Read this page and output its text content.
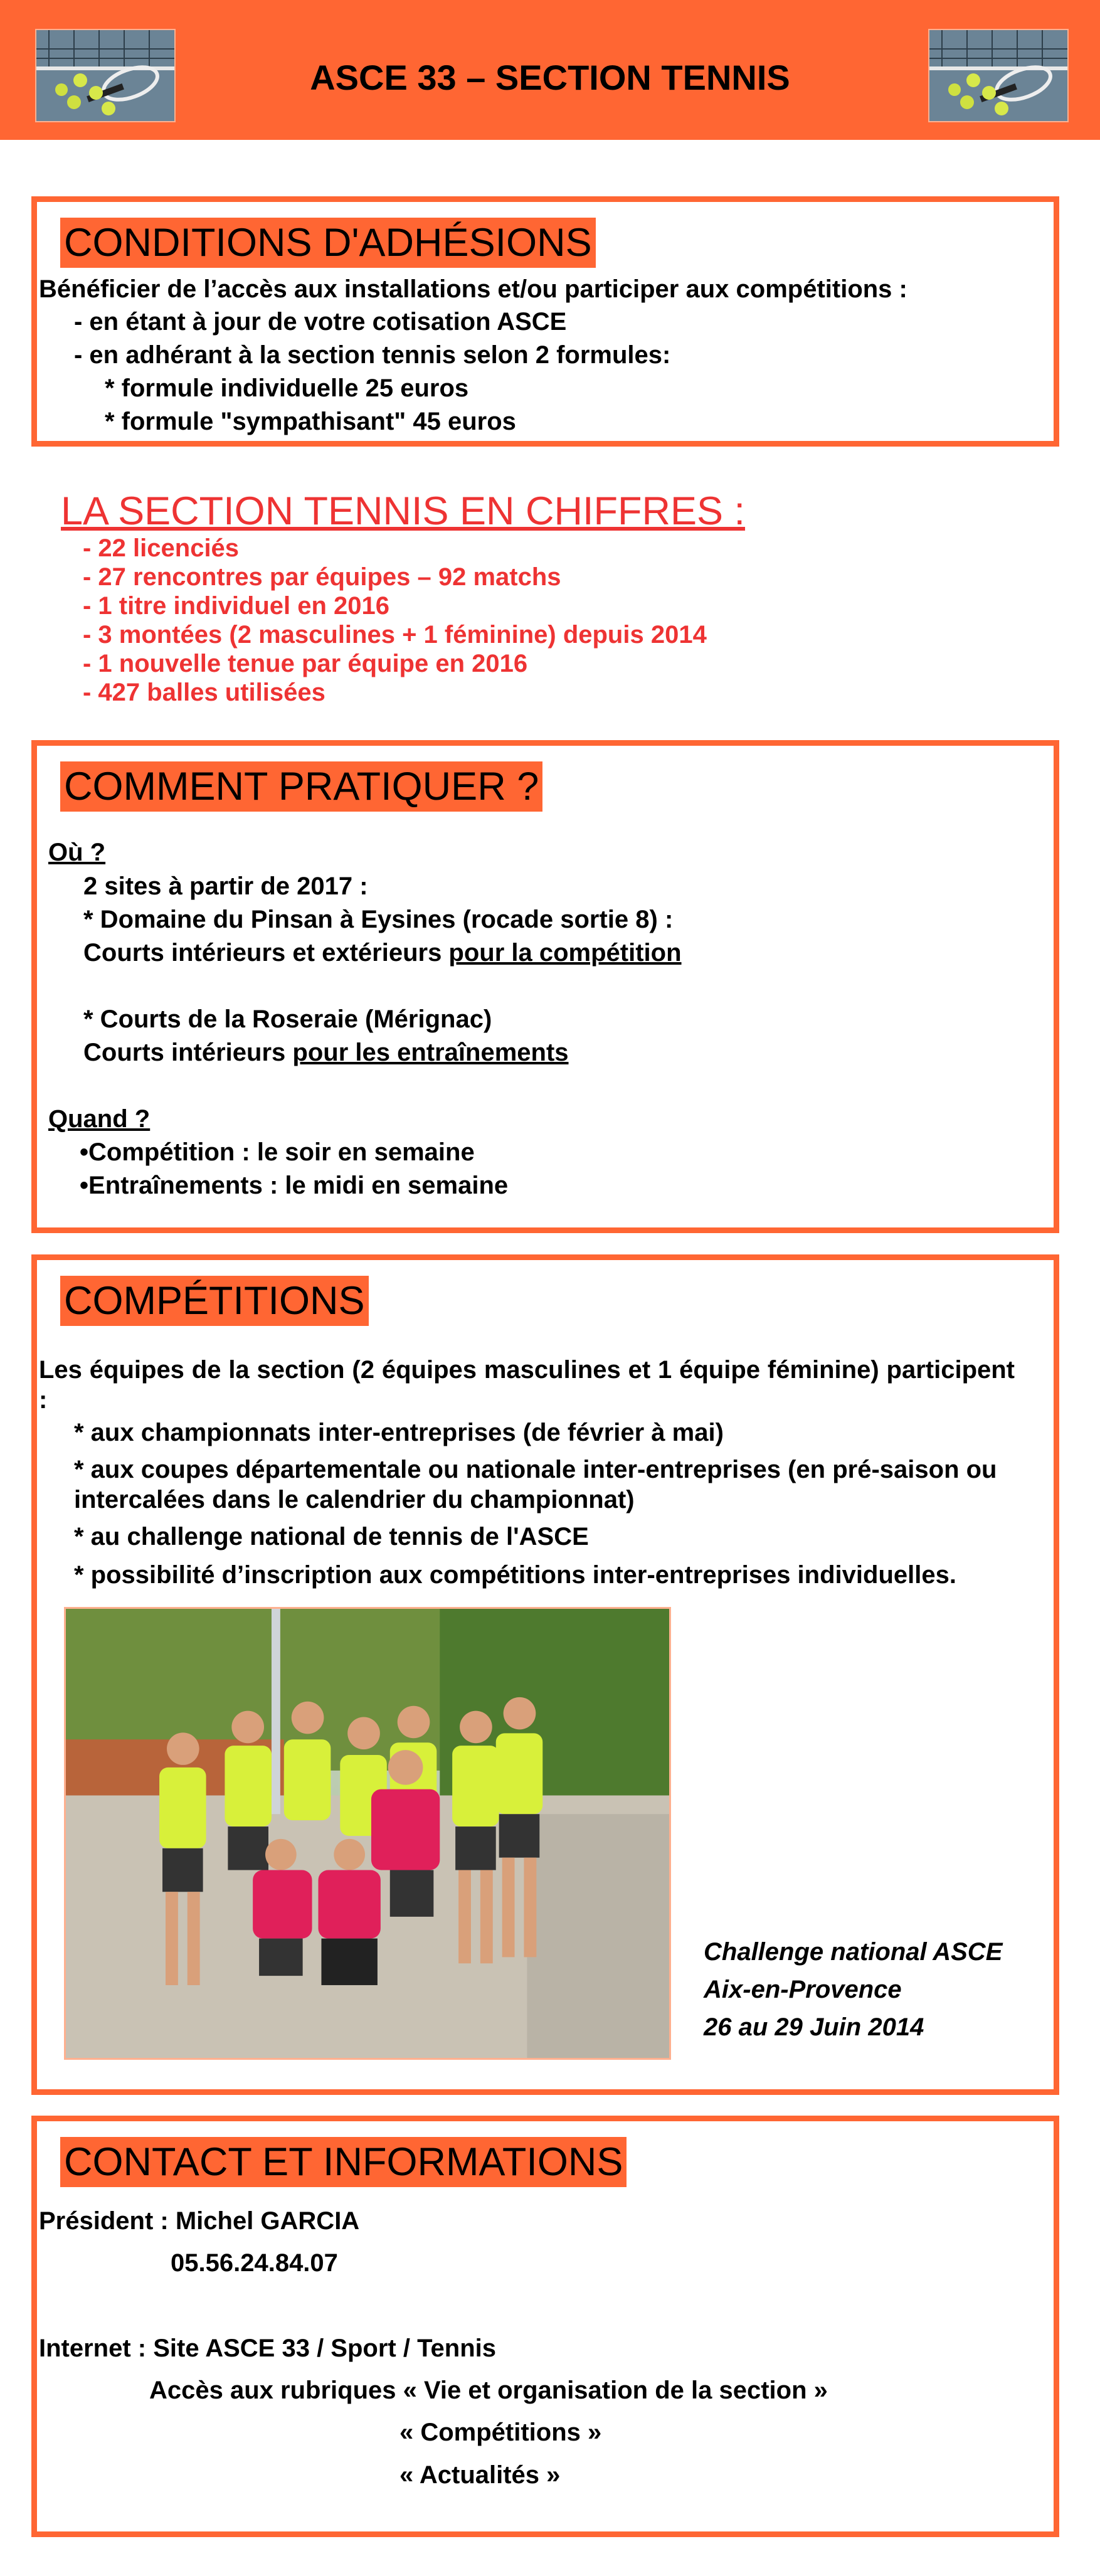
ASCE 33 – SECTION TENNIS
CONDITIONS D'ADHÉSIONS
Bénéficier de l’accès aux installations et/ou participer aux compétitions :
- en étant à jour de votre cotisation ASCE
- en adhérant à la section tennis selon 2 formules:
* formule individuelle 25 euros
* formule "sympathisant" 45 euros
LA SECTION TENNIS EN CHIFFRES :
- 22 licenciés
- 27 rencontres par équipes – 92 matchs
- 1 titre individuel en 2016
- 3 montées (2 masculines + 1 féminine) depuis 2014
- 1 nouvelle tenue par équipe en 2016
- 427 balles utilisées
COMMENT PRATIQUER ?
Où ?
2 sites à partir de 2017 :
* Domaine du Pinsan à Eysines (rocade sortie 8) :
Courts intérieurs et extérieurs pour la compétition
* Courts de la Roseraie (Mérignac)
Courts intérieurs pour les entraînements
Quand ?
•Compétition : le soir en semaine
•Entraînements : le midi en semaine
COMPÉTITIONS
Les équipes de la section (2 équipes masculines et 1 équipe féminine) participent :
* aux championnats inter-entreprises (de février à mai)
* aux coupes départementale ou nationale inter-entreprises (en pré-saison ou
intercalées dans le calendrier du championnat)
* au challenge national de tennis de l'ASCE
* possibilité d’inscription aux compétitions inter-entreprises individuelles.
Challenge national ASCE
Aix-en-Provence
26 au 29 Juin 2014
CONTACT ET INFORMATIONS
Président : Michel GARCIA
05.56.24.84.07
Internet : Site ASCE 33 / Sport / Tennis
Accès aux rubriques « Vie et organisation de la section »
« Compétitions »
« Actualités »
